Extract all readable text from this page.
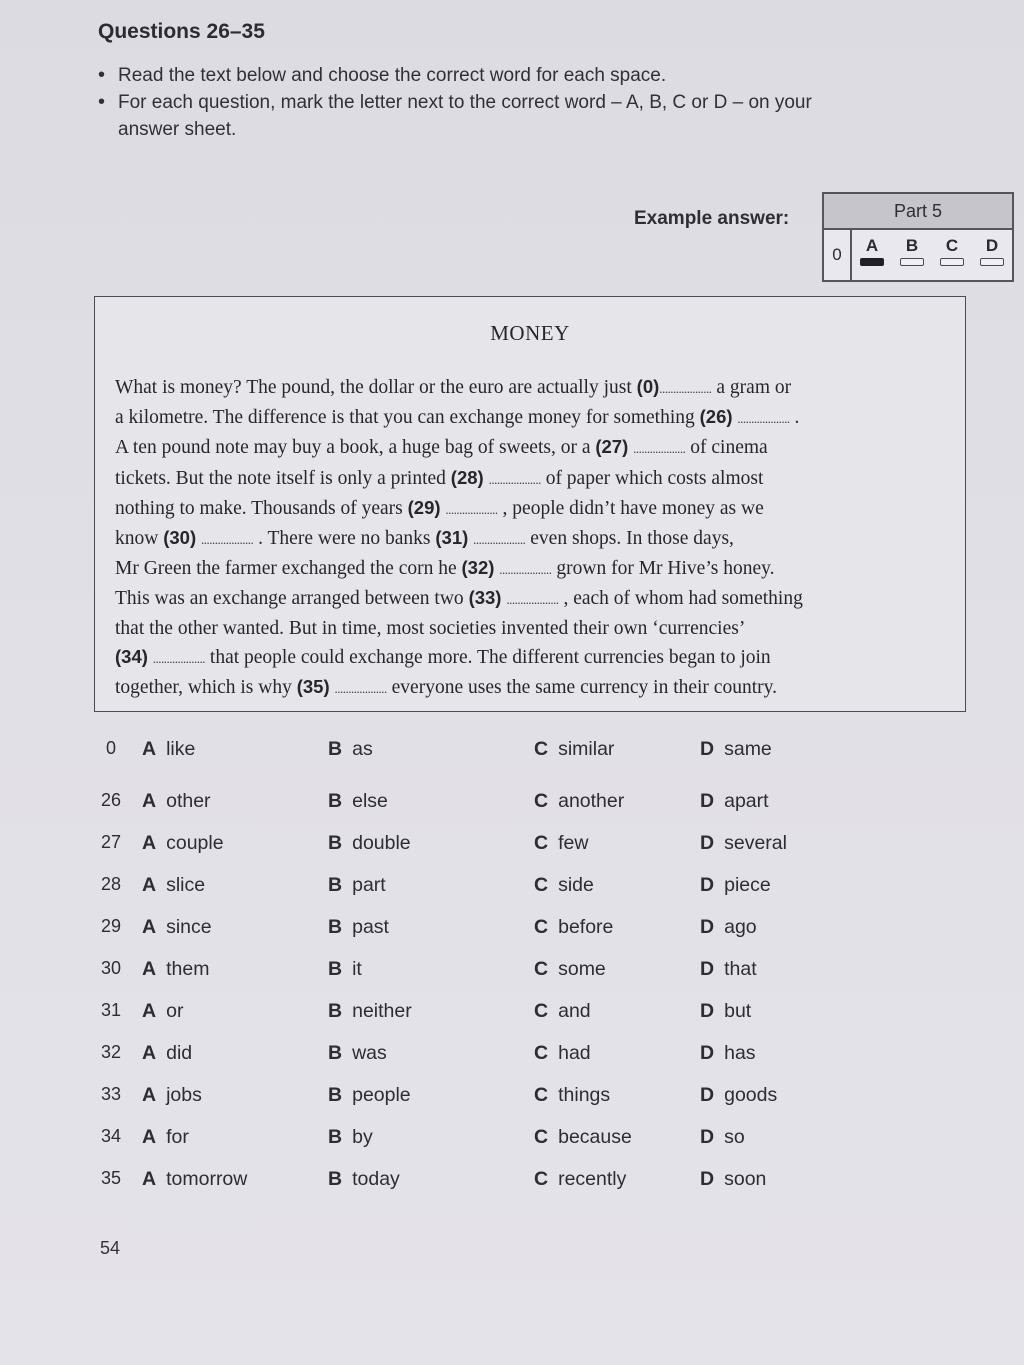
Questions 26–35
• Read the text below and choose the correct word for each space.
• For each question, mark the letter next to the correct word – A, B, C or D – on your answer sheet.
Example answer:	Part 5
0	A B C D
MONEY

What is money? The pound, the dollar or the euro are actually just (0)................... a gram or
a kilometre. The difference is that you can exchange money for something (26) ................... .
A ten pound note may buy a book, a huge bag of sweets, or a (27) ................... of cinema
tickets. But the note itself is only a printed (28) ................... of paper which costs almost
nothing to make. Thousands of years (29) ................... , people didn’t have money as we
know (30) ................... . There were no banks (31) ................... even shops. In those days,
Mr Green the farmer exchanged the corn he (32) ................... grown for Mr Hive’s honey.
This was an exchange arranged between two (33) ................... , each of whom had something
that the other wanted. But in time, most societies invented their own ‘currencies’
(34) ................... that people could exchange more. The different currencies began to join
together, which is why (35) ................... everyone uses the same currency in their country.

0	A like	B as	C similar	D same
26 A other	B else	C another	D apart
27 A couple	B double	C few	D several
28 A slice	B part	C side	D piece
29 A since	B past	C before	D ago
30 A them	B it	C some	D that
31 A or	B neither	C and	D but
32 A did	B was	C had	D has
33 A jobs	B people	C things	D goods
34 A for	B by	C because	D so
35 A tomorrow	B today	C recently	D soon
54
